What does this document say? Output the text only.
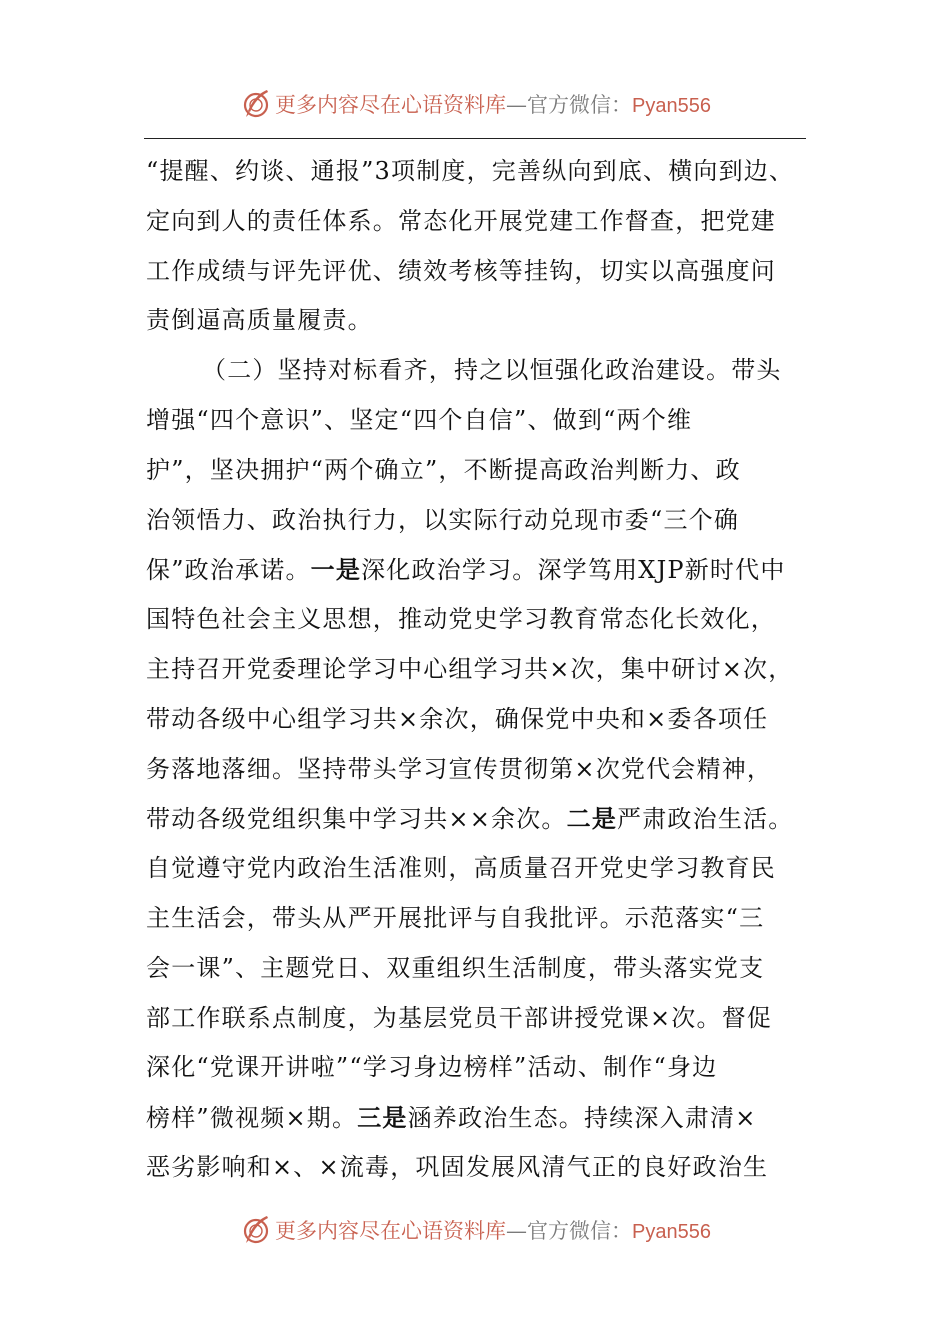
更多内容尽在心语资料库—官方微信：Pyan556
“提醒、约谈、通报”3项制度，完善纵向到底、横向到边、
定向到人的责任体系。常态化开展党建工作督查，把党建
工作成绩与评先评优、绩效考核等挂钩，切实以高强度问
责倒逼高质量履责。
（二）坚持对标看齐，持之以恒强化政治建设。带头
增强“四个意识”、坚定“四个自信”、做到“两个维
护”，坚决拥护“两个确立”，不断提高政治判断力、政
治领悟力、政治执行力，以实际行动兑现市委“三个确
保”政治承诺。一是深化政治学习。深学笃用XJP新时代中
国特色社会主义思想，推动党史学习教育常态化长效化，
主持召开党委理论学习中心组学习共×次，集中研讨×次，
带动各级中心组学习共×余次，确保党中央和×委各项任
务落地落细。坚持带头学习宣传贯彻第×次党代会精神，
带动各级党组织集中学习共××余次。二是严肃政治生活。
自觉遵守党内政治生活准则，高质量召开党史学习教育民
主生活会，带头从严开展批评与自我批评。示范落实“三
会一课”、主题党日、双重组织生活制度，带头落实党支
部工作联系点制度，为基层党员干部讲授党课×次。督促
深化“党课开讲啦”“学习身边榜样”活动、制作“身边
榜样”微视频×期。三是涵养政治生态。持续深入肃清×
恶劣影响和×、×流毒，巩固发展风清气正的良好政治生
更多内容尽在心语资料库—官方微信：Pyan556
